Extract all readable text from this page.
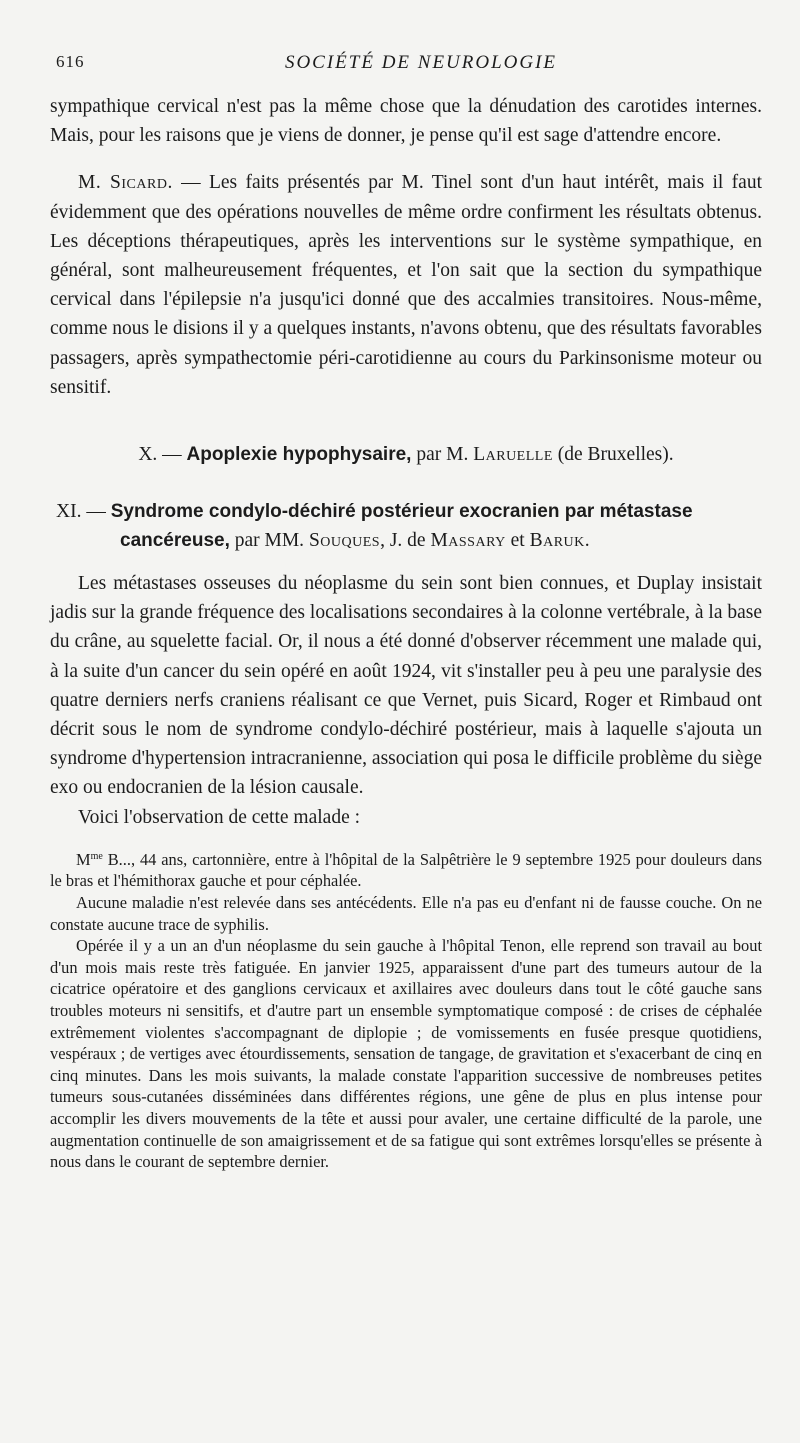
616	SOCIÉTÉ DE NEUROLOGIE

sympathique cervical n'est pas la même chose que la dénudation des carotides internes. Mais, pour les raisons que je viens de donner, je pense qu'il est sage d'attendre encore.

M. Sicard. — Les faits présentés par M. Tinel sont d'un haut intérêt, mais il faut évidemment que des opérations nouvelles de même ordre confirment les résultats obtenus. Les déceptions thérapeutiques, après les interventions sur le système sympathique, en général, sont malheureusement fréquentes, et l'on sait que la section du sympathique cervical dans l'épilepsie n'a jusqu'ici donné que des accalmies transitoires. Nous-même, comme nous le disions il y a quelques instants, n'avons obtenu, que des résultats favorables passagers, après sympathectomie péri-carotidienne au cours du Parkinsonisme moteur ou sensitif.

X. — Apoplexie hypophysaire, par M. Laruelle (de Bruxelles).

XI. — Syndrome condylo-déchiré postérieur exocranien par métastase cancéreuse, par MM. Souques, J. de Massary et Baruk.

Les métastases osseuses du néoplasme du sein sont bien connues, et Duplay insistait jadis sur la grande fréquence des localisations secondaires à la colonne vertébrale, à la base du crâne, au squelette facial. Or, il nous a été donné d'observer récemment une malade qui, à la suite d'un cancer du sein opéré en août 1924, vit s'installer peu à peu une paralysie des quatre derniers nerfs craniens réalisant ce que Vernet, puis Sicard, Roger et Rimbaud ont décrit sous le nom de syndrome condylo-déchiré postérieur, mais à laquelle s'ajouta un syndrome d'hypertension intracranienne, association qui posa le difficile problème du siège exo ou endocranien de la lésion causale.

Voici l'observation de cette malade :

$M^{me}$ B..., 44 ans, cartonnière, entre à l'hôpital de la Salpêtrière le 9 septembre 1925 pour douleurs dans le bras et l'hémithorax gauche et pour céphalée.

Aucune maladie n'est relevée dans ses antécédents. Elle n'a pas eu d'enfant ni de fausse couche. On ne constate aucune trace de syphilis.

Opérée il y a un an d'un néoplasme du sein gauche à l'hôpital Tenon, elle reprend son travail au bout d'un mois mais reste très fatiguée. En janvier 1925, apparaissent d'une part des tumeurs autour de la cicatrice opératoire et des ganglions cervicaux et axillaires avec douleurs dans tout le côté gauche sans troubles moteurs ni sensitifs, et d'autre part un ensemble symptomatique composé : de crises de céphalée extrêmement violentes s'accompagnant de diplopie ; de vomissements en fusée presque quotidiens, vespéraux ; de vertiges avec étourdissements, sensation de tangage, de gravitation et s'exacerbant de cinq en cinq minutes. Dans les mois suivants, la malade constate l'apparition successive de nombreuses petites tumeurs sous-cutanées disséminées dans différentes régions, une gêne de plus en plus intense pour accomplir les divers mouvements de la tête et aussi pour avaler, une certaine difficulté de la parole, une augmentation continuelle de son amaigrissement et de sa fatigue qui sont extrêmes lorsqu'elles se présente à nous dans le courant de septembre dernier.
